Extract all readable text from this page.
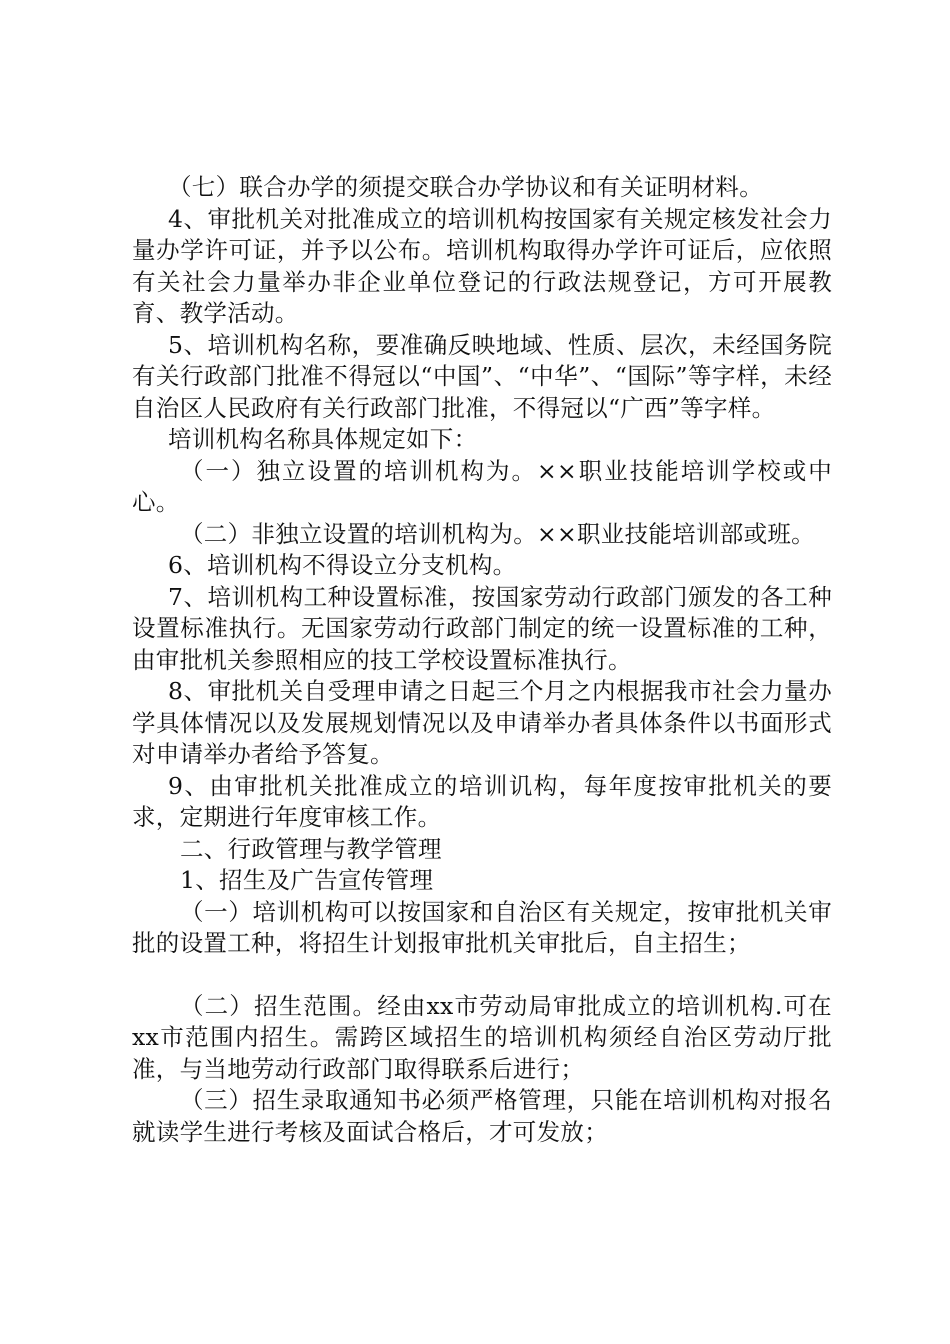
（七）联合办学的须提交联合办学协议和有关证明材料。

4、审批机关对批准成立的培训机构按国家有关规定核发社会力量办学许可证，并予以公布。培训机构取得办学许可证后，应依照有关社会力量举办非企业单位登记的行政法规登记，方可开展教育、教学活动。

5、培训机构名称，要准确反映地域、性质、层次，未经国务院有关行政部门批准不得冠以“中国”、“中华”、“国际”等字样，未经自治区人民政府有关行政部门批准，不得冠以“广西”等字样。

培训机构名称具体规定如下：

（一）独立设置的培训机构为。××职业技能培训学校或中心。

（二）非独立设置的培训机构为。××职业技能培训部或班。

6、培训机构不得设立分支机构。

7、培训机构工种设置标准，按国家劳动行政部门颁发的各工种设置标准执行。无国家劳动行政部门制定的统一设置标准的工种，由审批机关参照相应的技工学校设置标准执行。

8、审批机关自受理申请之日起三个月之内根据我市社会力量办学具体情况以及发展规划情况以及申请举办者具体条件以书面形式对申请举办者给予答复。

9、由审批机关批准成立的培训讥构，每年度按审批机关的要求，定期进行年度审核工作。

二、行政管理与教学管理

1、招生及广告宣传管理

（一）培训机构可以按国家和自治区有关规定，按审批机关审批的设置工种，将招生计划报审批机关审批后，自主招生；

（二）招生范围。经由xx市劳动局审批成立的培训机构.可在xx市范围内招生。需跨区域招生的培训机构须经自治区劳动厅批准，与当地劳动行政部门取得联系后进行；

（三）招生录取通知书必须严格管理，只能在培训机构对报名就读学生进行考核及面试合格后，才可发放；
